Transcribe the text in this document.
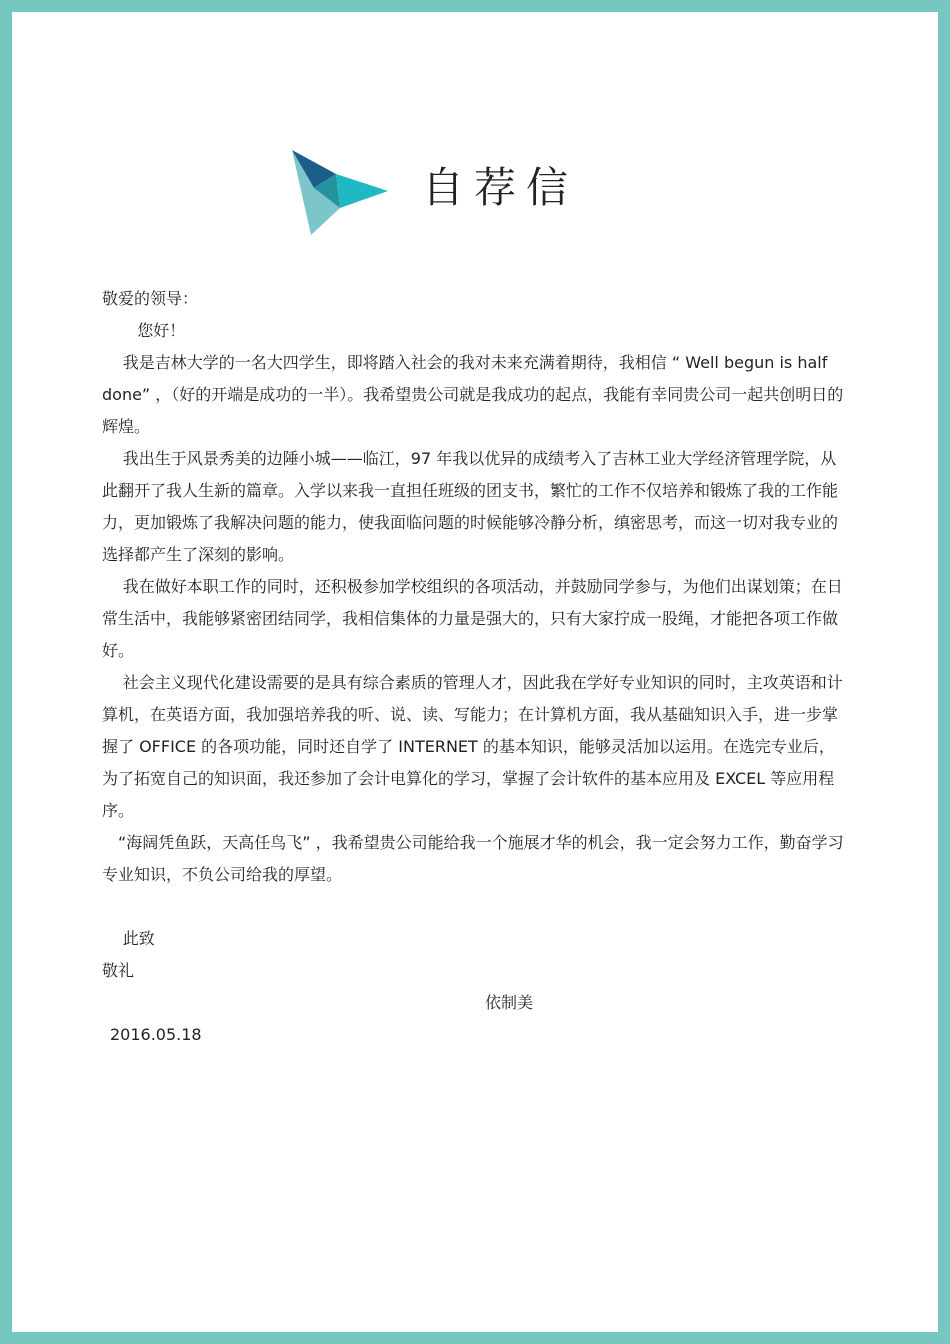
自荐信

敬爱的领导：

您好！

我是吉林大学的一名大四学生，即将踏入社会的我对未来充满着期待，我相信 “ Well begun is half done” ，（好的开端是成功的一半）。我希望贵公司就是我成功的起点，我能有幸同贵公司一起共创明日的辉煌。

我出生于风景秀美的边陲小城——临江，97 年我以优异的成绩考入了吉林工业大学经济管理学院，从此翻开了我人生新的篇章。入学以来我一直担任班级的团支书，繁忙的工作不仅培养和锻炼了我的工作能力，更加锻炼了我解决问题的能力，使我面临问题的时候能够冷静分析，缜密思考，而这一切对我专业的选择都产生了深刻的影响。

我在做好本职工作的同时，还积极参加学校组织的各项活动，并鼓励同学参与，为他们出谋划策；在日常生活中，我能够紧密团结同学，我相信集体的力量是强大的，只有大家拧成一股绳，才能把各项工作做好。

社会主义现代化建设需要的是具有综合素质的管理人才，因此我在学好专业知识的同时，主攻英语和计算机，在英语方面，我加强培养我的听、说、读、写能力；在计算机方面，我从基础知识入手，进一步掌握了 OFFICE 的各项功能，同时还自学了 INTERNET 的基本知识，能够灵活加以运用。在选完专业后，为了拓宽自己的知识面，我还参加了会计电算化的学习，掌握了会计软件的基本应用及 EXCEL 等应用程序。

“海阔凭鱼跃，天高任鸟飞” ，我希望贵公司能给我一个施展才华的机会，我一定会努力工作，勤奋学习专业知识，不负公司给我的厚望。

此致

敬礼

依制美

2016.05.18
